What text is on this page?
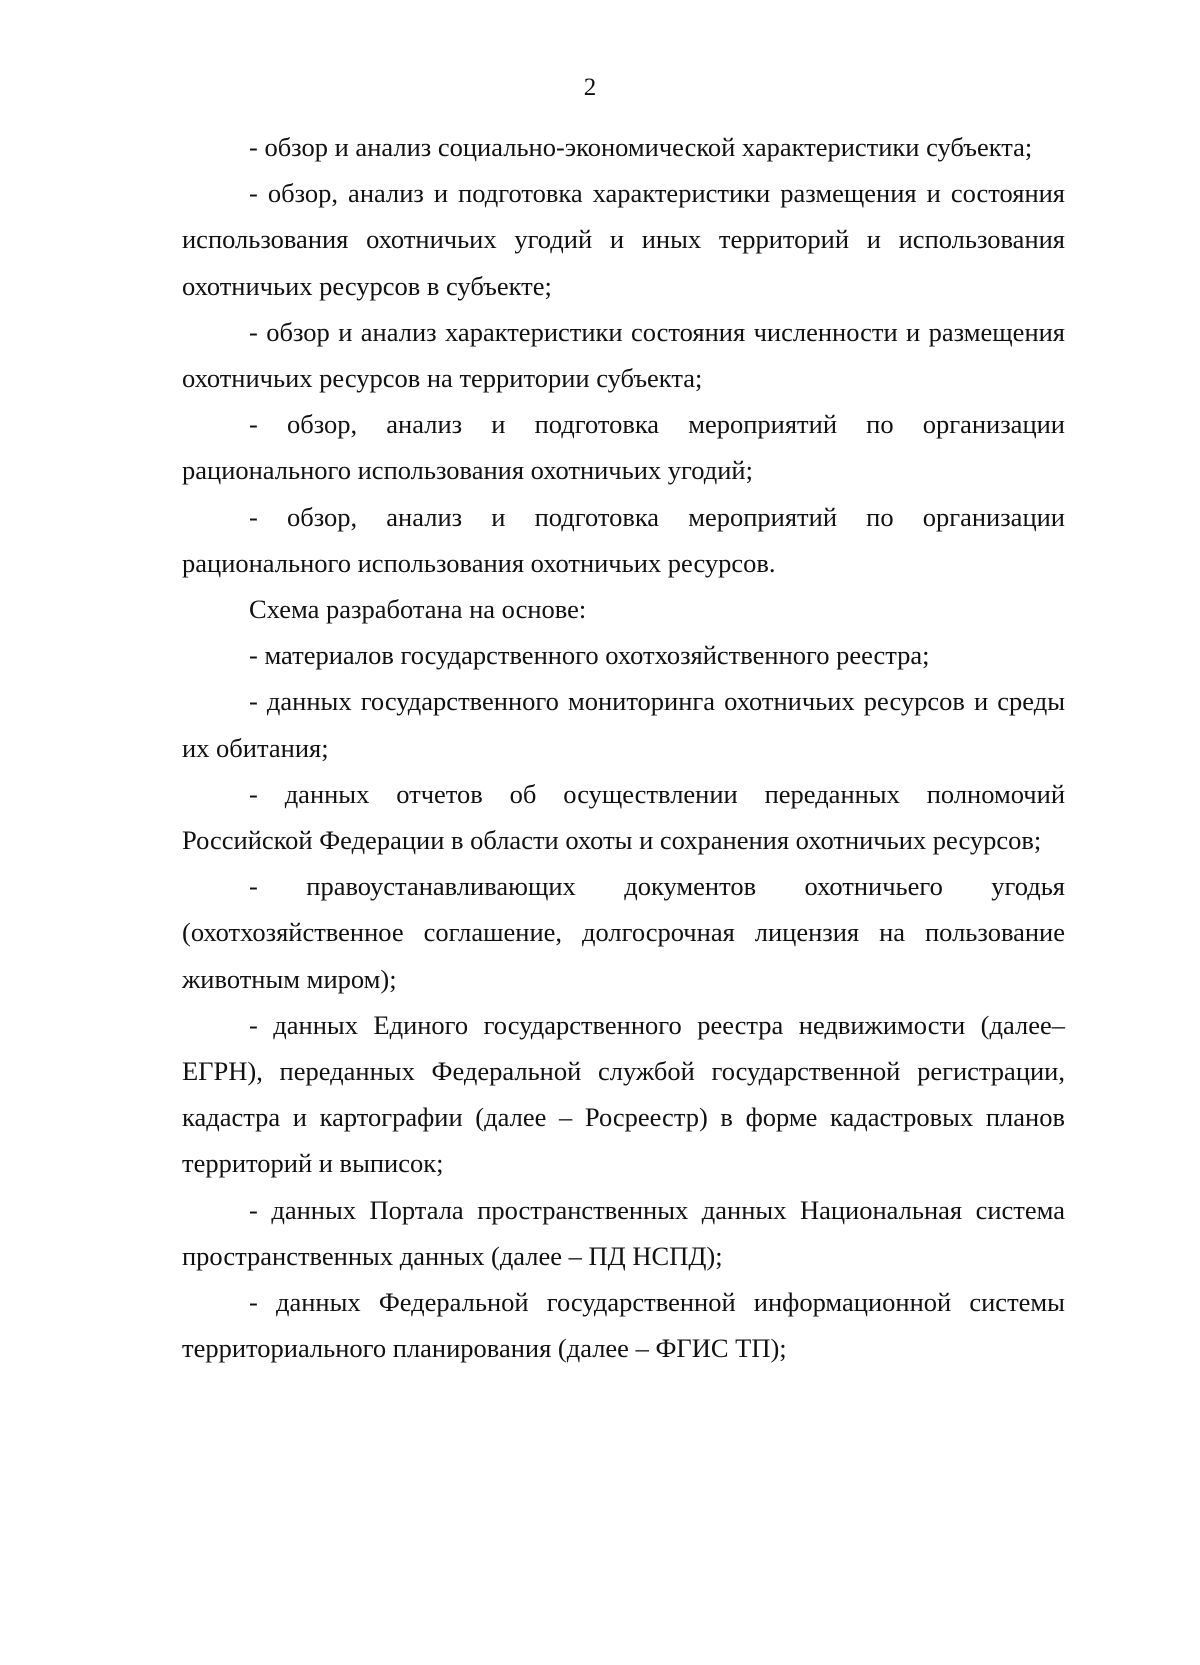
2

- обзор и анализ социально-экономической характеристики субъекта;

- обзор, анализ и подготовка характеристики размещения и состояния использования охотничьих угодий и иных территорий и использования охотничьих ресурсов в субъекте;

- обзор и анализ характеристики состояния численности и размещения охотничьих ресурсов на территории субъекта;

- обзор, анализ и подготовка мероприятий по организации рационального использования охотничьих угодий;

- обзор, анализ и подготовка мероприятий по организации рационального использования охотничьих ресурсов.

Схема разработана на основе:

- материалов государственного охотхозяйственного реестра;

- данных государственного мониторинга охотничьих ресурсов и среды их обитания;

- данных отчетов об осуществлении переданных полномочий Российской Федерации в области охоты и сохранения охотничьих ресурсов;

- правоустанавливающих документов охотничьего угодья (охотхозяйственное соглашение, долгосрочная лицензия на пользование животным миром);

- данных Единого государственного реестра недвижимости (далее–ЕГРН), переданных Федеральной службой государственной регистрации, кадастра и картографии (далее – Росреестр) в форме кадастровых планов территорий и выписок;

- данных Портала пространственных данных Национальная система пространственных данных (далее – ПД НСПД);

- данных Федеральной государственной информационной системы территориального планирования (далее – ФГИС ТП);
